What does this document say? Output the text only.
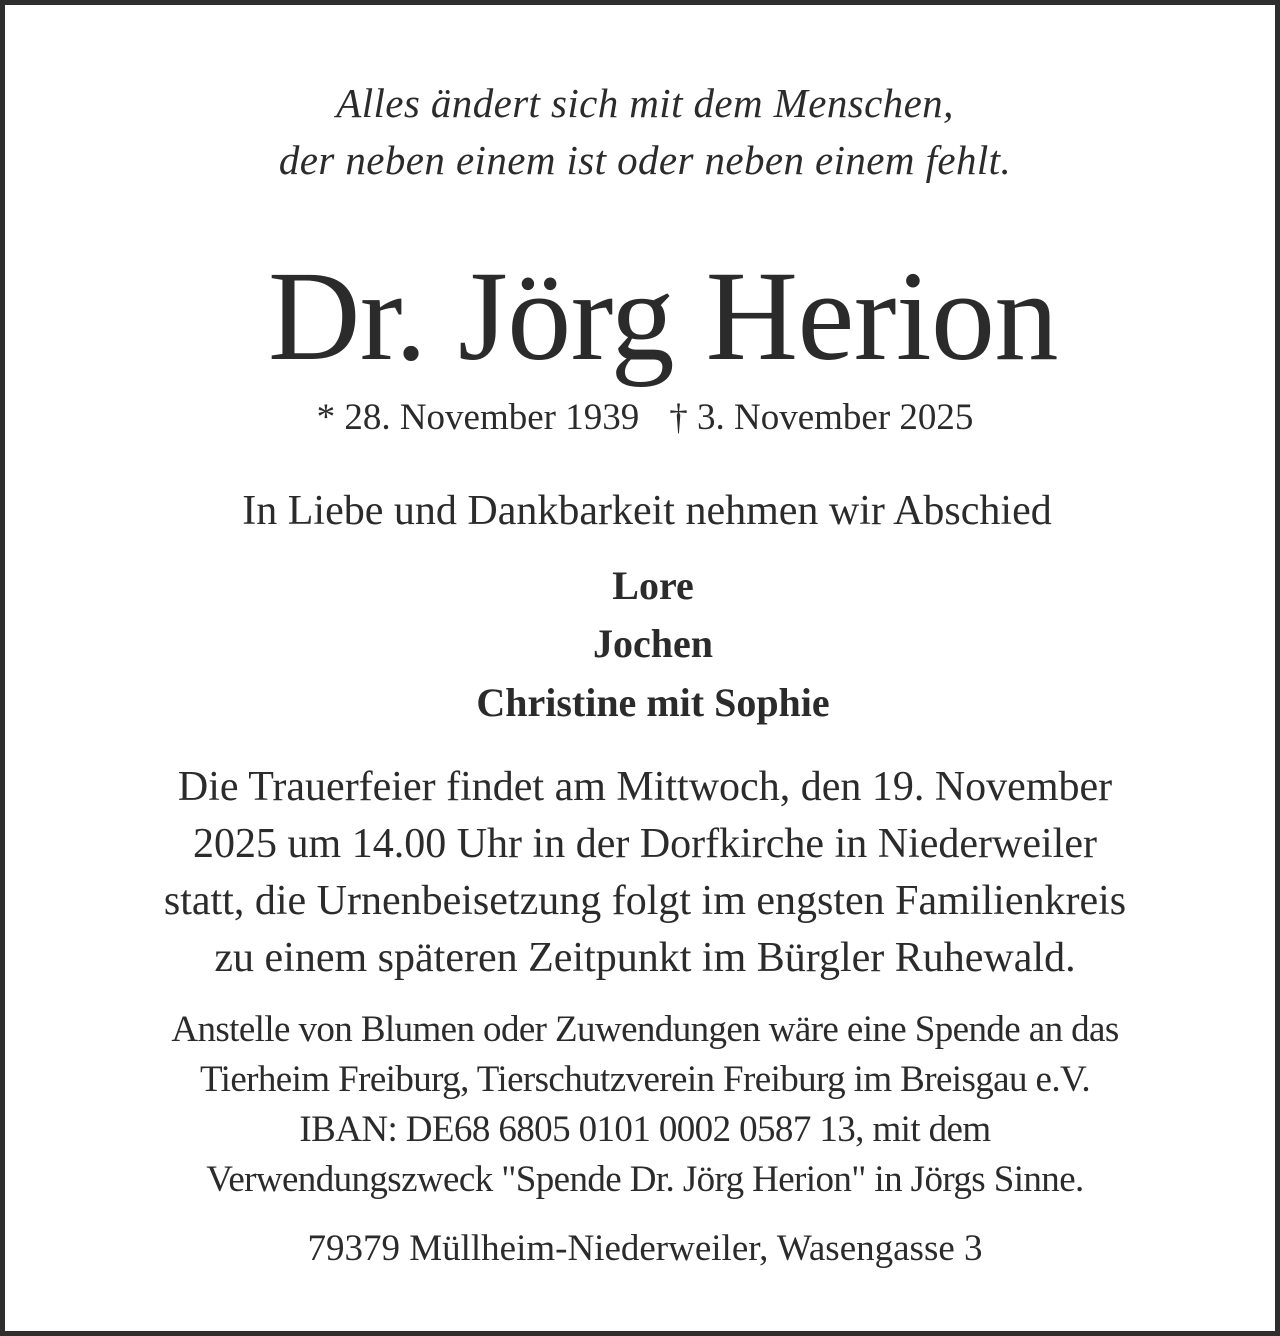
Alles ändert sich mit dem Menschen,

der neben einem ist oder neben einem fehlt.

Dr. Jörg Herion

* 28. November 1939 † 3. November 2025

In Liebe und Dankbarkeit nehmen wir Abschied

Lore

Jochen

Christine mit Sophie

Die Trauerfeier findet am Mittwoch, den 19. November

2025 um 14.00 Uhr in der Dorfkirche in Niederweiler

statt, die Urnenbeisetzung folgt im engsten Familienkreis

zu einem späteren Zeitpunkt im Bürgler Ruhewald.

Anstelle von Blumen oder Zuwendungen wäre eine Spende an das

Tierheim Freiburg, Tierschutzverein Freiburg im Breisgau e.V.

IBAN: DE68 6805 0101 0002 0587 13, mit dem

Verwendungszweck "Spende Dr. Jörg Herion" in Jörgs Sinne.

79379 Müllheim-Niederweiler, Wasengasse 3
